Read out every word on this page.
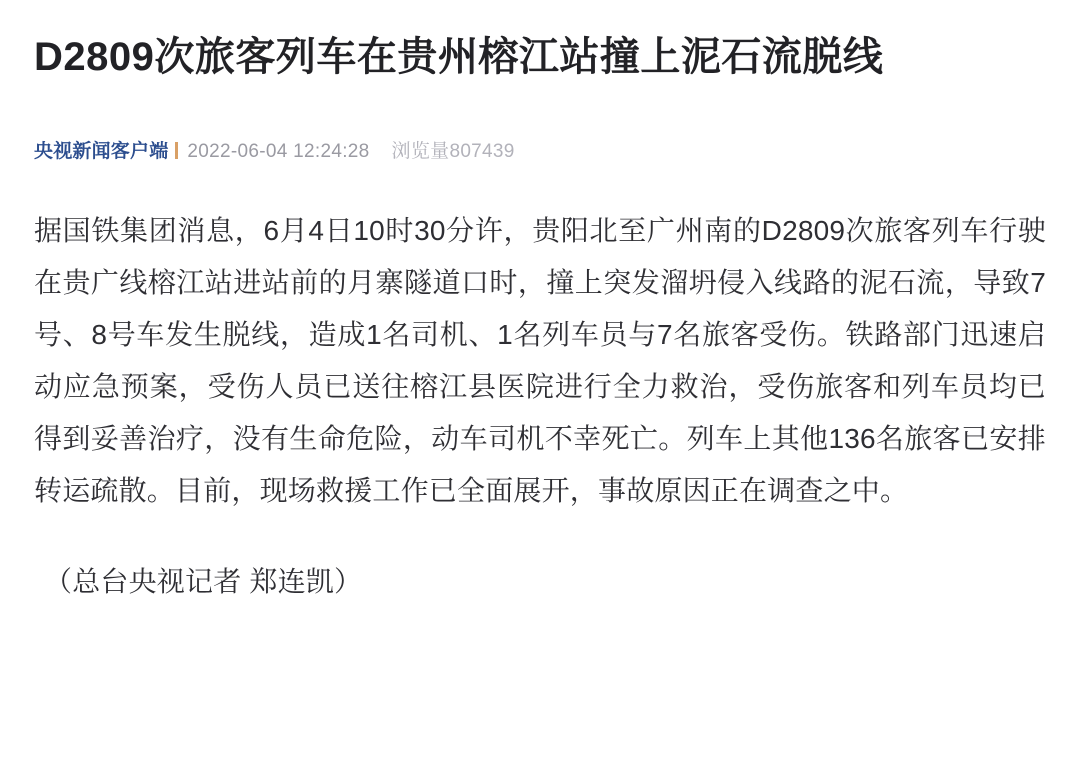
D2809次旅客列车在贵州榕江站撞上泥石流脱线
央视新闻客户端 2022-06-04 12:24:28 浏览量807439

据国铁集团消息，6月4日10时30分许，贵阳北至广州南的D2809次旅客列车行驶在贵广线榕江站进站前的月寨隧道口时，撞上突发溜坍侵入线路的泥石流，导致7号、8号车发生脱线，造成1名司机、1名列车员与7名旅客受伤。铁路部门迅速启动应急预案，受伤人员已送往榕江县医院进行全力救治，受伤旅客和列车员均已得到妥善治疗，没有生命危险，动车司机不幸死亡。列车上其他136名旅客已安排转运疏散。目前，现场救援工作已全面展开，事故原因正在调查之中。

（总台央视记者 郑连凯）
